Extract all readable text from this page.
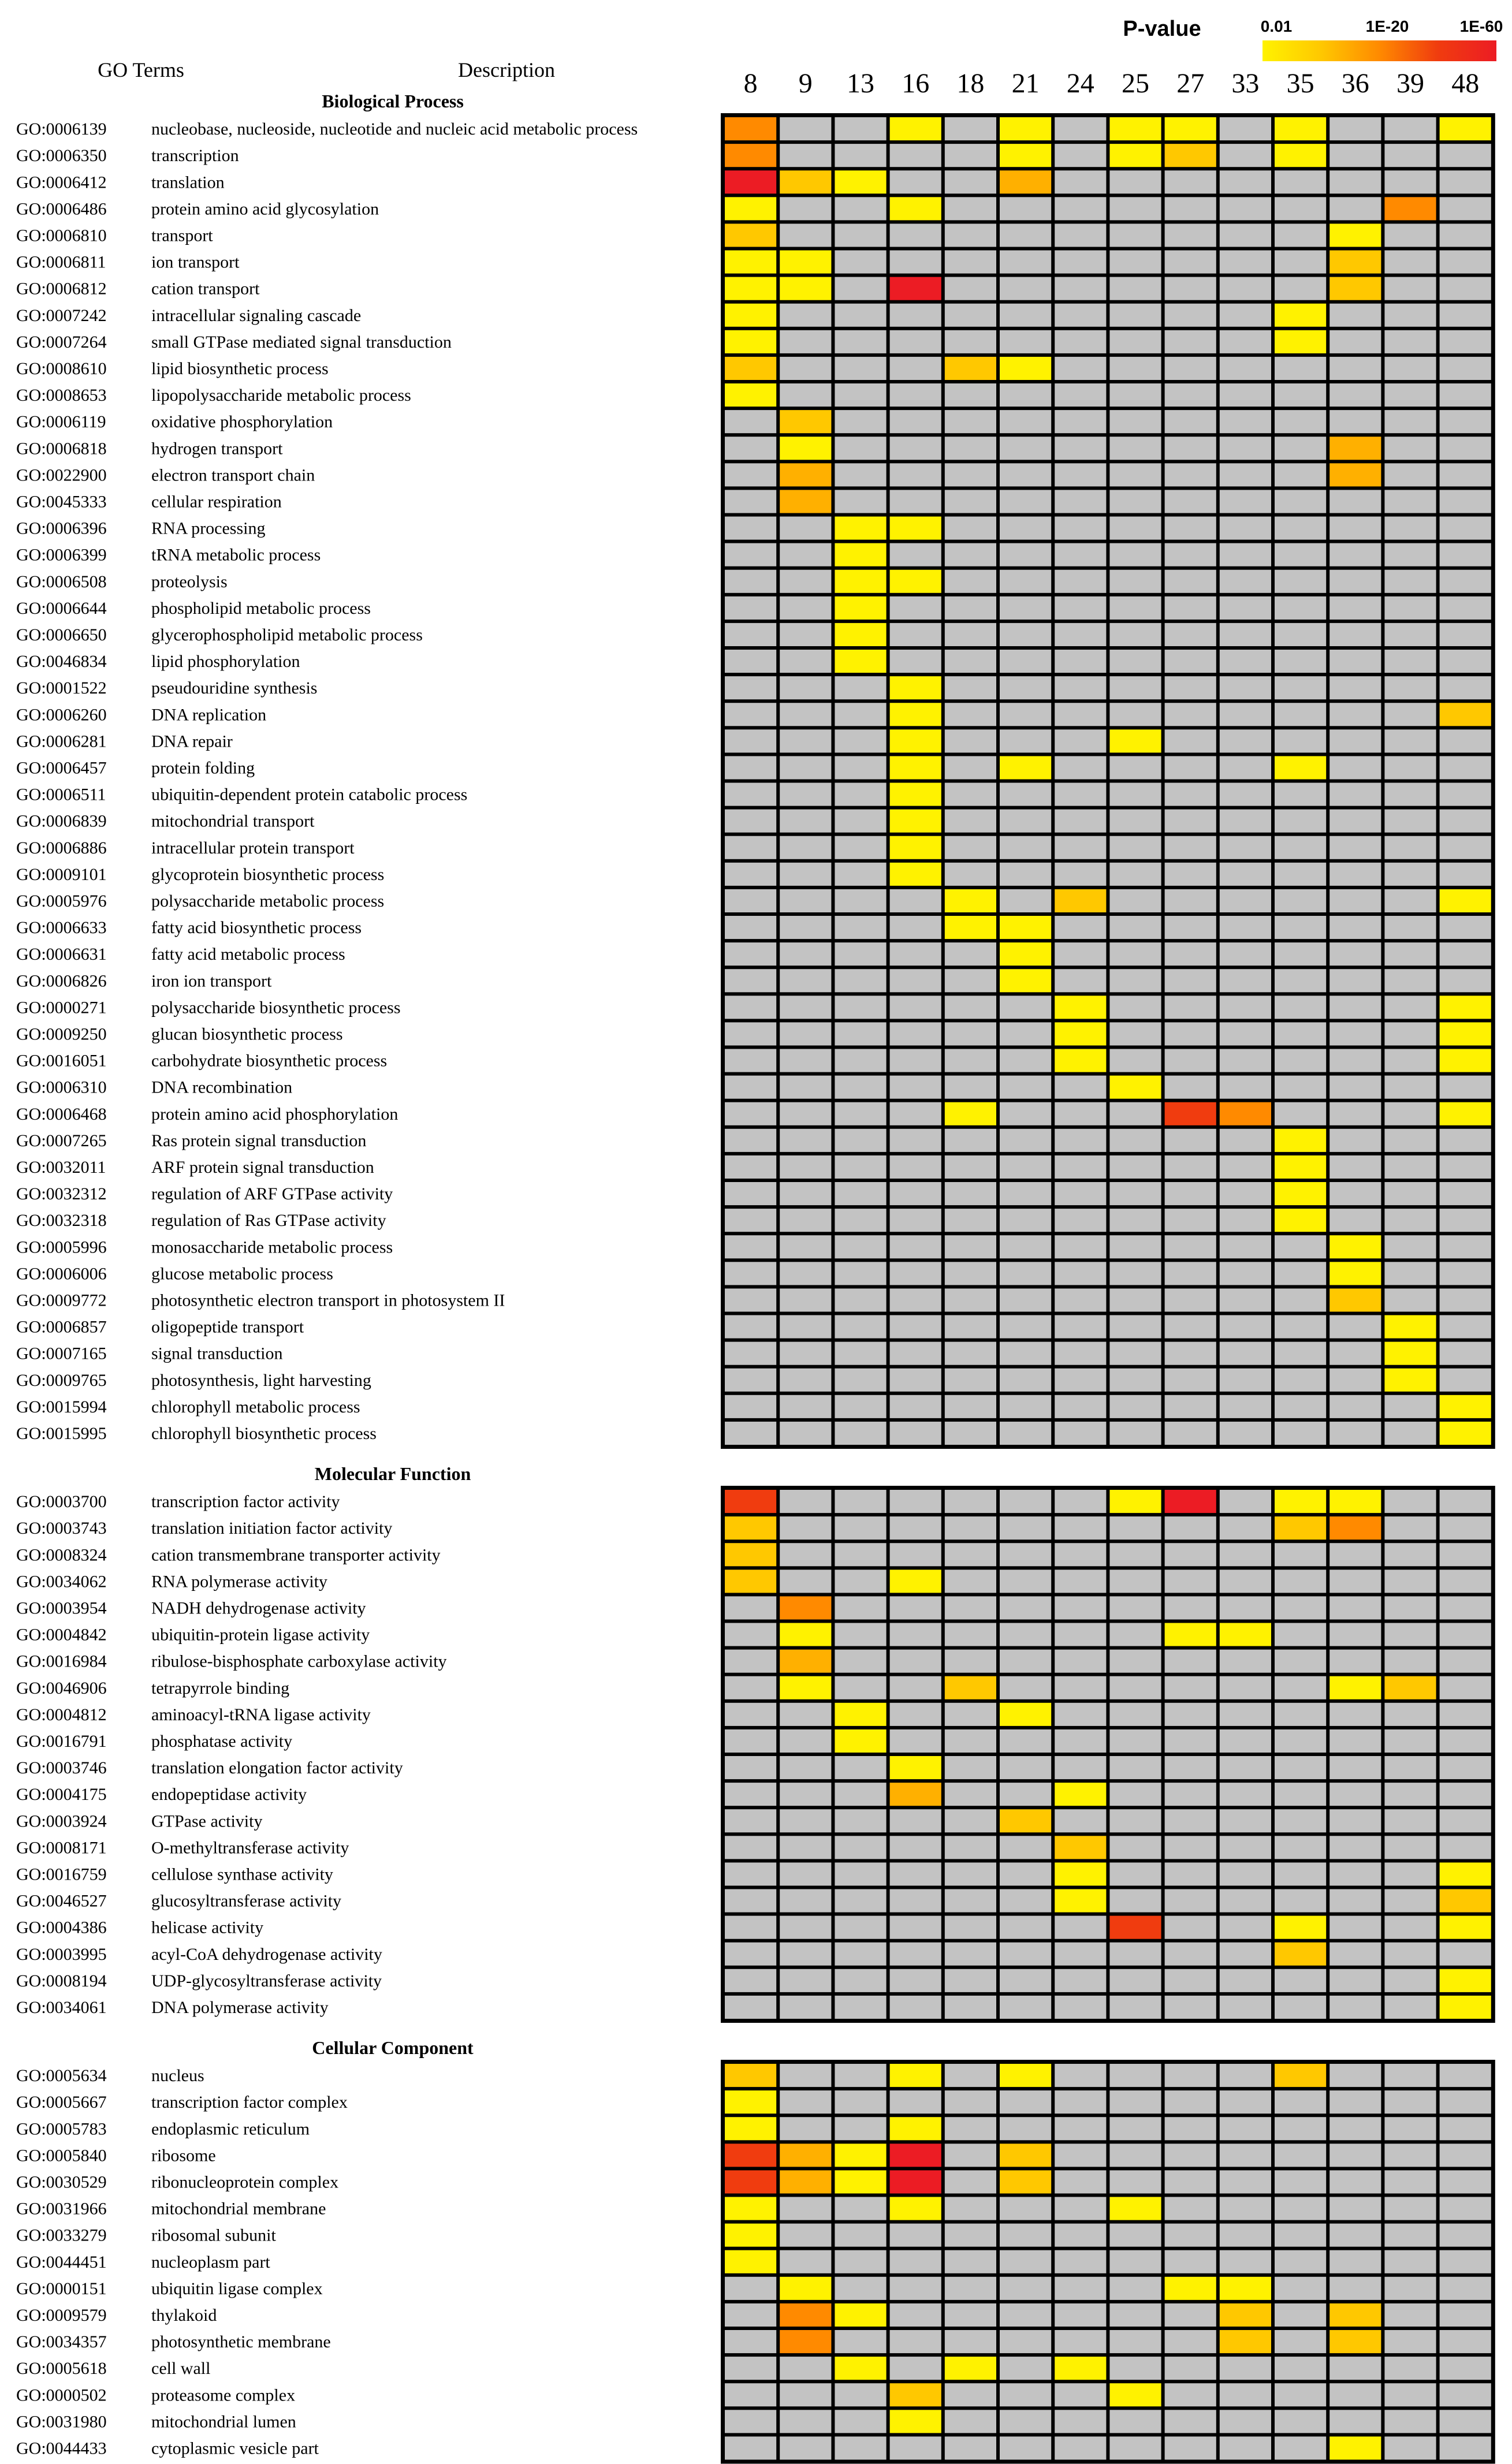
P-value	0.01	1E-20	1E-60
GO Terms	Description	8 9 13 16 18 21 24 25 27 33 35 36 39 48
Biological Process
GO:0006139	nucleobase, nucleoside, nucleotide and nucleic acid metabolic process
GO:0006350	transcription
GO:0006412	translation
GO:0006486	protein amino acid glycosylation
GO:0006810	transport
GO:0006811	ion transport
GO:0006812	cation transport
GO:0007242	intracellular signaling cascade
GO:0007264	small GTPase mediated signal transduction
GO:0008610	lipid biosynthetic process
GO:0008653	lipopolysaccharide metabolic process
GO:0006119	oxidative phosphorylation
GO:0006818	hydrogen transport
GO:0022900	electron transport chain
GO:0045333	cellular respiration
GO:0006396	RNA processing
GO:0006399	tRNA metabolic process
GO:0006508	proteolysis
GO:0006644	phospholipid metabolic process
GO:0006650	glycerophospholipid metabolic process
GO:0046834	lipid phosphorylation
GO:0001522	pseudouridine synthesis
GO:0006260	DNA replication
GO:0006281	DNA repair
GO:0006457	protein folding
GO:0006511	ubiquitin-dependent protein catabolic process
GO:0006839	mitochondrial transport
GO:0006886	intracellular protein transport
GO:0009101	glycoprotein biosynthetic process
GO:0005976	polysaccharide metabolic process
GO:0006633	fatty acid biosynthetic process
GO:0006631	fatty acid metabolic process
GO:0006826	iron ion transport
GO:0000271	polysaccharide biosynthetic process
GO:0009250	glucan biosynthetic process
GO:0016051	carbohydrate biosynthetic process
GO:0006310	DNA recombination
GO:0006468	protein amino acid phosphorylation
GO:0007265	Ras protein signal transduction
GO:0032011	ARF protein signal transduction
GO:0032312	regulation of ARF GTPase activity
GO:0032318	regulation of Ras GTPase activity
GO:0005996	monosaccharide metabolic process
GO:0006006	glucose metabolic process
GO:0009772	photosynthetic electron transport in photosystem II
GO:0006857	oligopeptide transport
GO:0007165	signal transduction
GO:0009765	photosynthesis, light harvesting
GO:0015994	chlorophyll metabolic process
GO:0015995	chlorophyll biosynthetic process
Molecular Function
GO:0003700	transcription factor activity
GO:0003743	translation initiation factor activity
GO:0008324	cation transmembrane transporter activity
GO:0034062	RNA polymerase activity
GO:0003954	NADH dehydrogenase activity
GO:0004842	ubiquitin-protein ligase activity
GO:0016984	ribulose-bisphosphate carboxylase activity
GO:0046906	tetrapyrrole binding
GO:0004812	aminoacyl-tRNA ligase activity
GO:0016791	phosphatase activity
GO:0003746	translation elongation factor activity
GO:0004175	endopeptidase activity
GO:0003924	GTPase activity
GO:0008171	O-methyltransferase activity
GO:0016759	cellulose synthase activity
GO:0046527	glucosyltransferase activity
GO:0004386	helicase activity
GO:0003995	acyl-CoA dehydrogenase activity
GO:0008194	UDP-glycosyltransferase activity
GO:0034061	DNA polymerase activity
Cellular Component
GO:0005634	nucleus
GO:0005667	transcription factor complex
GO:0005783	endoplasmic reticulum
GO:0005840	ribosome
GO:0030529	ribonucleoprotein complex
GO:0031966	mitochondrial membrane
GO:0033279	ribosomal subunit
GO:0044451	nucleoplasm part
GO:0000151	ubiquitin ligase complex
GO:0009579	thylakoid
GO:0034357	photosynthetic membrane
GO:0005618	cell wall
GO:0000502	proteasome complex
GO:0031980	mitochondrial lumen
GO:0044433	cytoplasmic vesicle part
